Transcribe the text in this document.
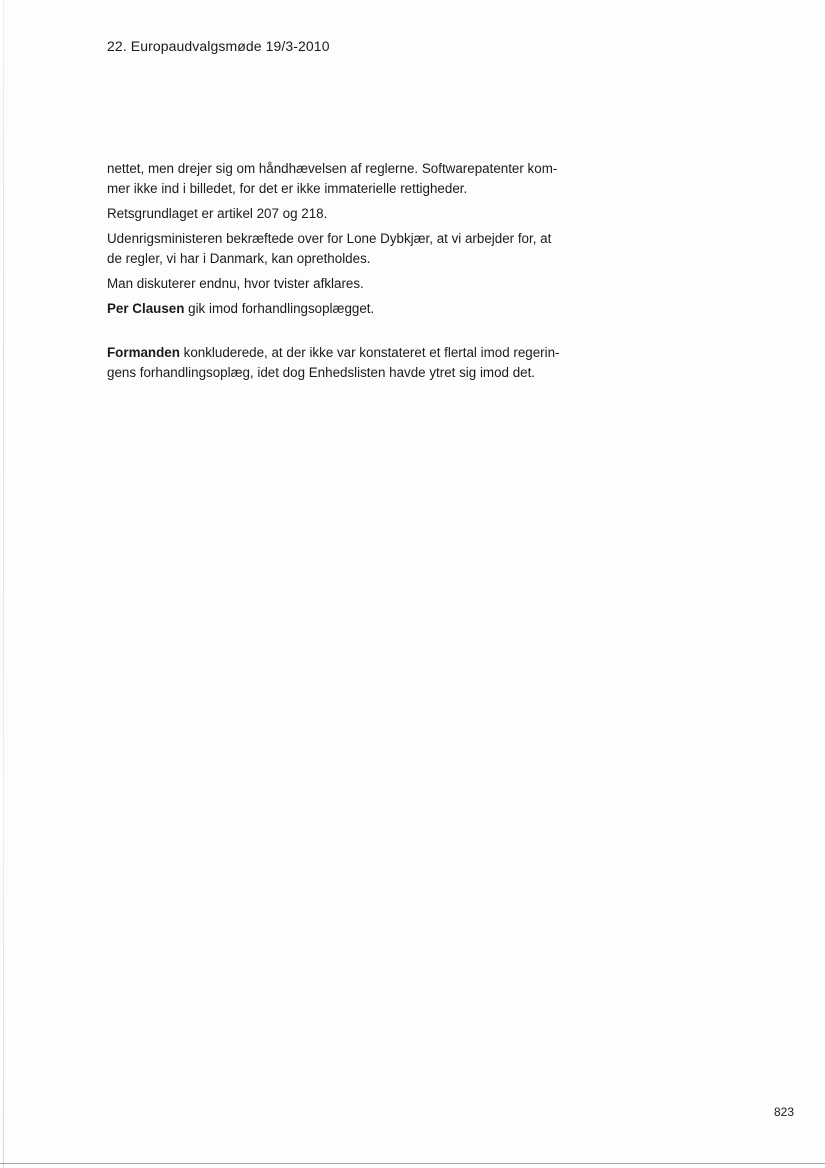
22. Europaudvalgsmøde 19/3-2010

nettet, men drejer sig om håndhævelsen af reglerne. Softwarepatenter kom-
mer ikke ind i billedet, for det er ikke immaterielle rettigheder.

Retsgrundlaget er artikel 207 og 218.

Udenrigsministeren bekræftede over for Lone Dybkjær, at vi arbejder for, at
de regler, vi har i Danmark, kan opretholdes.

Man diskuterer endnu, hvor tvister afklares.

Per Clausen gik imod forhandlingsoplægget.

Formanden konkluderede, at der ikke var konstateret et flertal imod regerin-
gens forhandlingsoplæg, idet dog Enhedslisten havde ytret sig imod det.

823
